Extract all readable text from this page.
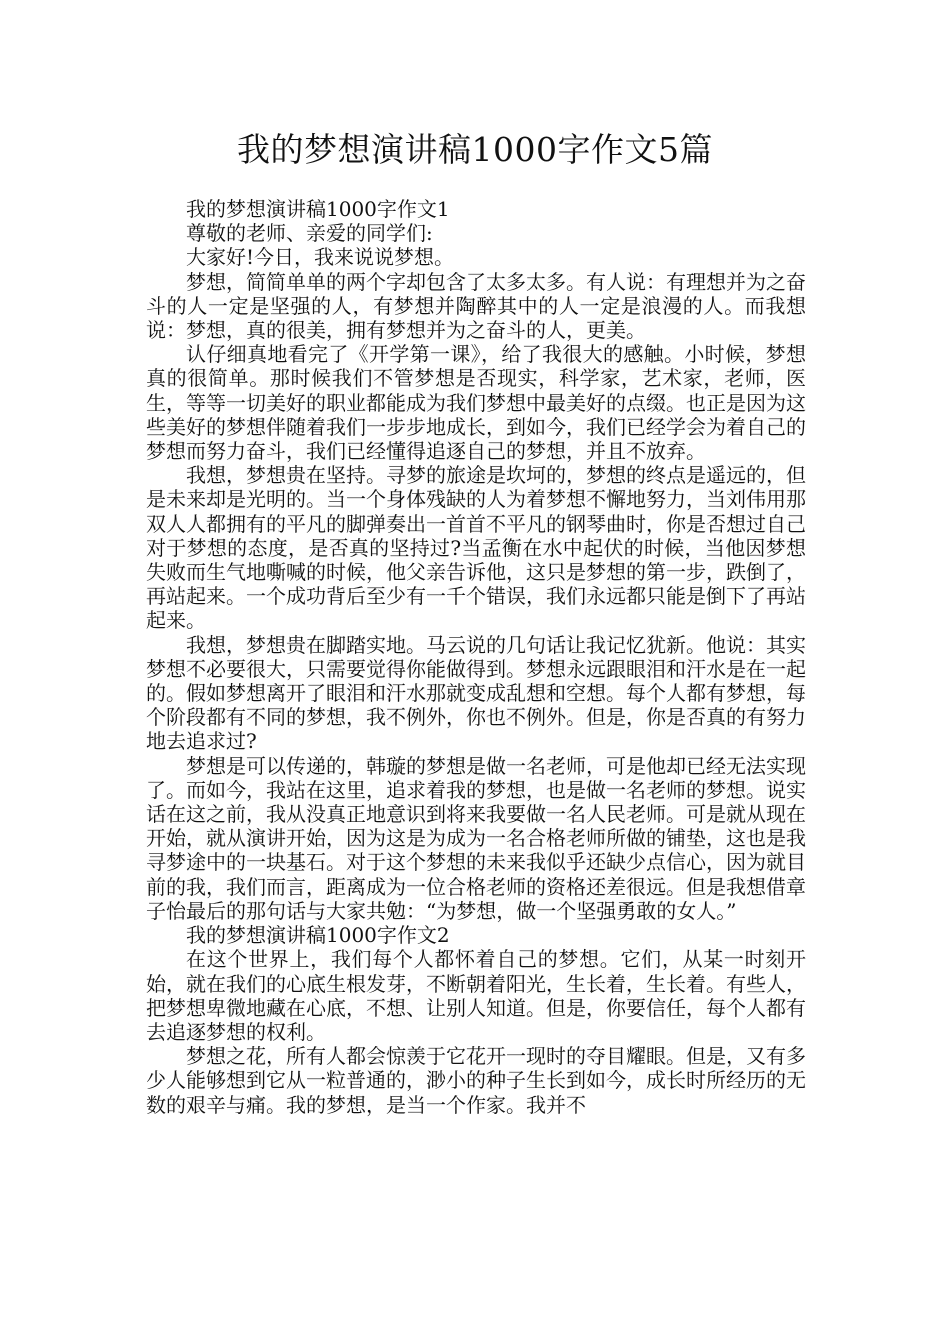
我的梦想演讲稿1000字作文5篇

我的梦想演讲稿1000字作文1

尊敬的老师、亲爱的同学们:

大家好!今日，我来说说梦想。

梦想，简简单单的两个字却包含了太多太多。有人说：有理想并为之奋斗的人一定是坚强的人，有梦想并陶醉其中的人一定是浪漫的人。而我想说：梦想，真的很美，拥有梦想并为之奋斗的人，更美。

认仔细真地看完了《开学第一课》，给了我很大的感触。小时候，梦想真的很简单。那时候我们不管梦想是否现实，科学家，艺术家，老师，医生，等等一切美好的职业都能成为我们梦想中最美好的点缀。也正是因为这些美好的梦想伴随着我们一步步地成长，到如今，我们已经学会为着自己的梦想而努力奋斗，我们已经懂得追逐自己的梦想，并且不放弃。

我想，梦想贵在坚持。寻梦的旅途是坎坷的，梦想的终点是遥远的，但是未来却是光明的。当一个身体残缺的人为着梦想不懈地努力，当刘伟用那双人人都拥有的平凡的脚弹奏出一首首不平凡的钢琴曲时，你是否想过自己对于梦想的态度，是否真的坚持过?当孟衡在水中起伏的时候，当他因梦想失败而生气地嘶喊的时候，他父亲告诉他，这只是梦想的第一步，跌倒了，再站起来。一个成功背后至少有一千个错误，我们永远都只能是倒下了再站起来。

我想，梦想贵在脚踏实地。马云说的几句话让我记忆犹新。他说：其实梦想不必要很大，只需要觉得你能做得到。梦想永远跟眼泪和汗水是在一起的。假如梦想离开了眼泪和汗水那就变成乱想和空想。每个人都有梦想，每个阶段都有不同的梦想，我不例外，你也不例外。但是，你是否真的有努力地去追求过?

梦想是可以传递的，韩璇的梦想是做一名老师，可是他却已经无法实现了。而如今，我站在这里，追求着我的梦想，也是做一名老师的梦想。说实话在这之前，我从没真正地意识到将来我要做一名人民老师。可是就从现在开始，就从演讲开始，因为这是为成为一名合格老师所做的铺垫，这也是我寻梦途中的一块基石。对于这个梦想的未来我似乎还缺少点信心，因为就目前的我，我们而言，距离成为一位合格老师的资格还差很远。但是我想借章子怡最后的那句话与大家共勉：“为梦想，做一个坚强勇敢的女人。”

我的梦想演讲稿1000字作文2

在这个世界上，我们每个人都怀着自己的梦想。它们，从某一时刻开始，就在我们的心底生根发芽，不断朝着阳光，生长着，生长着。有些人，把梦想卑微地藏在心底，不想、让别人知道。但是，你要信任，每个人都有去追逐梦想的权利。

梦想之花，所有人都会惊羡于它花开一现时的夺目耀眼。但是，又有多少人能够想到它从一粒普通的，渺小的种子生长到如今，成长时所经历的无数的艰辛与痛。我的梦想，是当一个作家。我并不
